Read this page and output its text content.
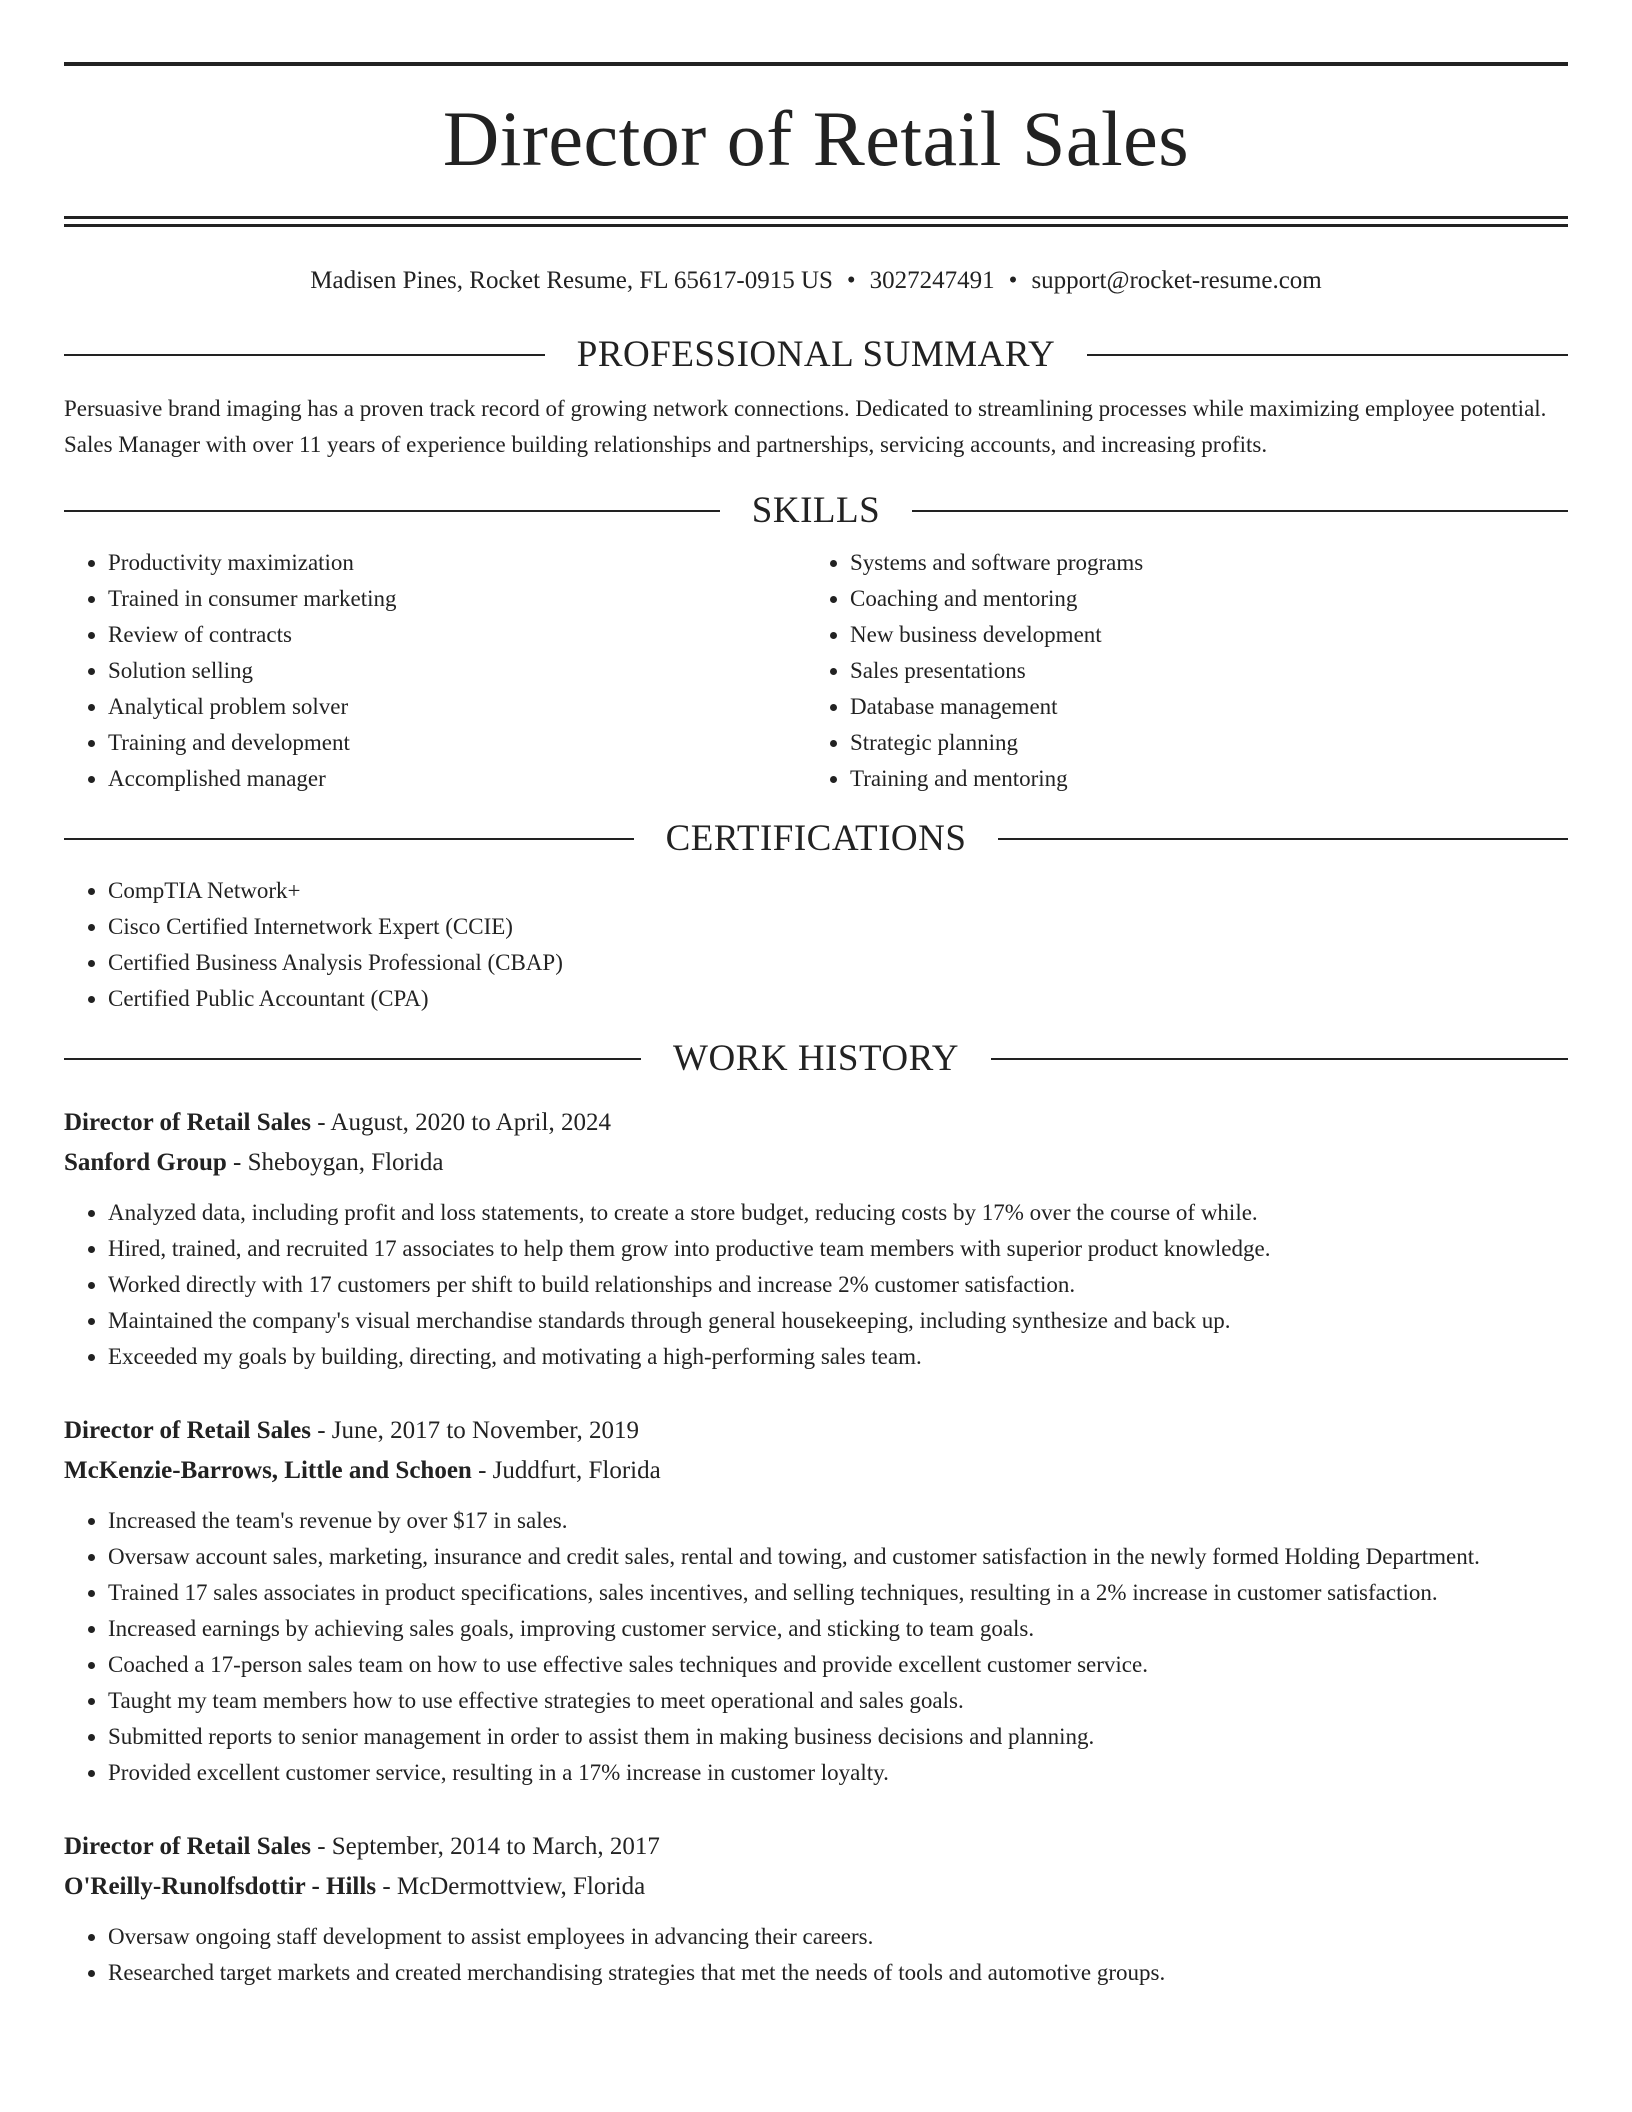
Director of Retail Sales
Madisen Pines, Rocket Resume, FL 65617-0915 US • 3027247491 • support@rocket-resume.com
PROFESSIONAL SUMMARY

Persuasive brand imaging has a proven track record of growing network connections. Dedicated to streamlining processes while maximizing employee potential. Sales Manager with over 11 years of experience building relationships and partnerships, servicing accounts, and increasing profits.

SKILLS
• Productivity maximization
• Trained in consumer marketing
• Review of contracts
• Solution selling
• Analytical problem solver
• Training and development
• Accomplished manager
• Systems and software programs
• Coaching and mentoring
• New business development
• Sales presentations
• Database management
• Strategic planning
• Training and mentoring
CERTIFICATIONS
• CompTIA Network+
• Cisco Certified Internetwork Expert (CCIE)
• Certified Business Analysis Professional (CBAP)
• Certified Public Accountant (CPA)
WORK HISTORY
Director of Retail Sales - August, 2020 to April, 2024
Sanford Group - Sheboygan, Florida
• Analyzed data, including profit and loss statements, to create a store budget, reducing costs by 17% over the course of while.
• Hired, trained, and recruited 17 associates to help them grow into productive team members with superior product knowledge.
• Worked directly with 17 customers per shift to build relationships and increase 2% customer satisfaction.
• Maintained the company's visual merchandise standards through general housekeeping, including synthesize and back up.
• Exceeded my goals by building, directing, and motivating a high-performing sales team.
Director of Retail Sales - June, 2017 to November, 2019
McKenzie-Barrows, Little and Schoen - Juddfurt, Florida
• Increased the team's revenue by over $17 in sales.
• Oversaw account sales, marketing, insurance and credit sales, rental and towing, and customer satisfaction in the newly formed Holding Department.
• Trained 17 sales associates in product specifications, sales incentives, and selling techniques, resulting in a 2% increase in customer satisfaction.
• Increased earnings by achieving sales goals, improving customer service, and sticking to team goals.
• Coached a 17-person sales team on how to use effective sales techniques and provide excellent customer service.
• Taught my team members how to use effective strategies to meet operational and sales goals.
• Submitted reports to senior management in order to assist them in making business decisions and planning.
• Provided excellent customer service, resulting in a 17% increase in customer loyalty.
Director of Retail Sales - September, 2014 to March, 2017
O'Reilly-Runolfsdottir - Hills - McDermottview, Florida
• Oversaw ongoing staff development to assist employees in advancing their careers.
• Researched target markets and created merchandising strategies that met the needs of tools and automotive groups.
